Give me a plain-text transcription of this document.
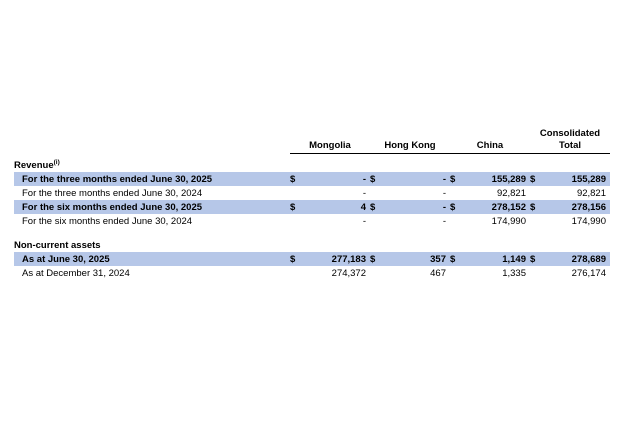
	Mongolia		Hong Kong		China		Consolidated
Total	

Revenue$^{(i)}$	
For the three months ended June 30, 2025	$	-	$	-	$	155,289	$	155,289
For the three months ended June 30, 2024		-		-		92,821		92,821
For the six months ended June 30, 2025	$	4	$	-	$	278,152	$	278,156
For the six months ended June 30, 2024		-		-		174,990		174,990

Non-current assets								
As at June 30, 2025	$	277,183	$	357	$	1,149	$	278,689
As at December 31, 2024		274,372		467		1,335		276,174
